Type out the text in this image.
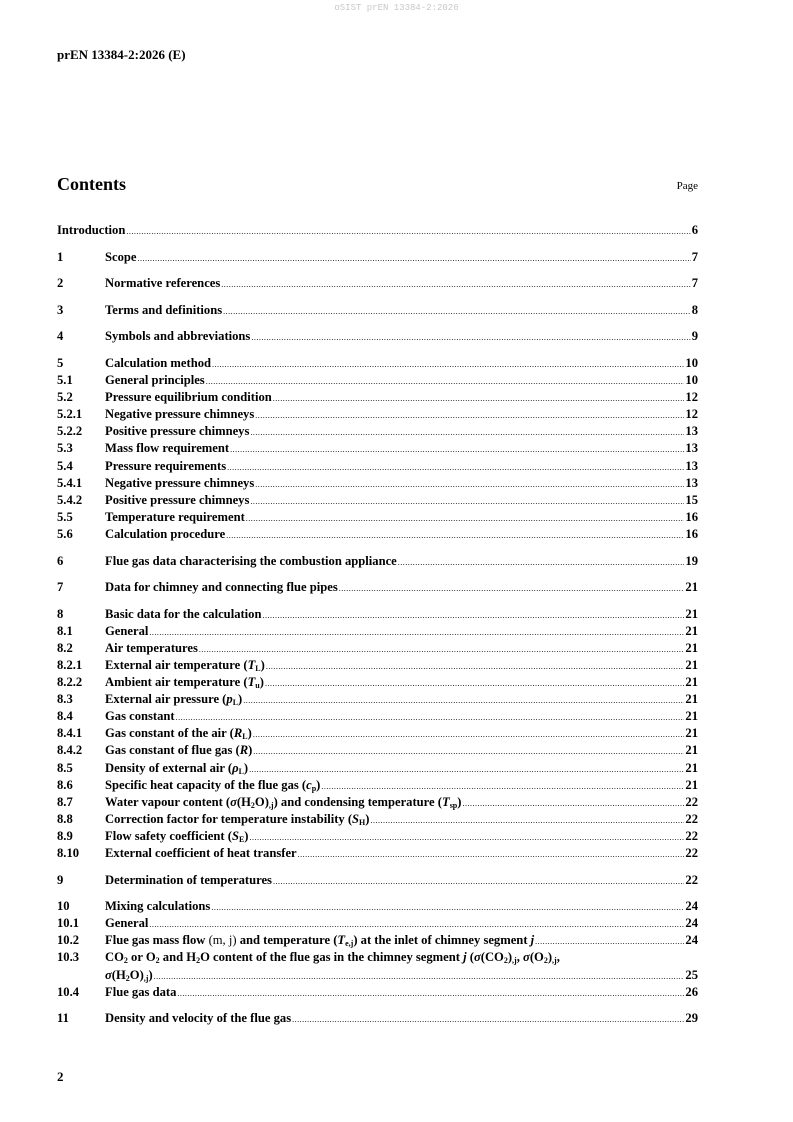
oSIST prEN 13384-2:2026
prEN 13384-2:2026 (E)
Contents	Page
Introduction .....	6
1	Scope .....	7
2	Normative references .....	7
3	Terms and definitions .....	8
4	Symbols and abbreviations .....	9
5	Calculation method .....	10
5.1	General principles .....	10
5.2	Pressure equilibrium condition .....	12
5.2.1	Negative pressure chimneys .....	12
5.2.2	Positive pressure chimneys .....	13
5.3	Mass flow requirement .....	13
5.4	Pressure requirements .....	13
5.4.1	Negative pressure chimneys .....	13
5.4.2	Positive pressure chimneys .....	15
5.5	Temperature requirement .....	16
5.6	Calculation procedure .....	16
6	Flue gas data characterising the combustion appliance .....	19
7	Data for chimney and connecting flue pipes .....	21
8	Basic data for the calculation .....	21
8.1	General .....	21
8.2	Air temperatures .....	21
8.2.1	External air temperature $(T_L)$ .....	21
8.2.2	Ambient air temperature $(T_u)$ .....	21
8.3	External air pressure $(p_L)$ .....	21
8.4	Gas constant .....	21
8.4.1	Gas constant of the air $(R_L)$ .....	21
8.4.2	Gas constant of flue gas (R) .....	21
8.5	Density of external air $(\rho_L)$ .....	21
8.6	Specific heat capacity of the flue gas $(c_p)$ .....	21
8.7	Water vapour content $(\sigma(H_2O)_{,j})$ and condensing temperature $(T_{sp})$ .....	22
8.8	Correction factor for temperature instability $(S_H)$ .....	22
8.9	Flow safety coefficient $(S_E)$ .....	22
8.10	External coefficient of heat transfer .....	22
9	Determination of temperatures .....	22
10	Mixing calculations .....	24
10.1	General .....	24
10.2	Flue gas mass flow (m, j) and temperature $(T_{e,j})$ at the inlet of chimney segment j .....	24
10.3	$CO_2$ or $O_2$ and $H_2O$ content of the flue gas in the chimney segment j ($\sigma(CO_2)_{,j}$, $\sigma(O_2)_{,j}$,
$\sigma(H_2O)_{,j}$) .....	25
10.4	Flue gas data .....	26
11	Density and velocity of the flue gas .....	29
2
